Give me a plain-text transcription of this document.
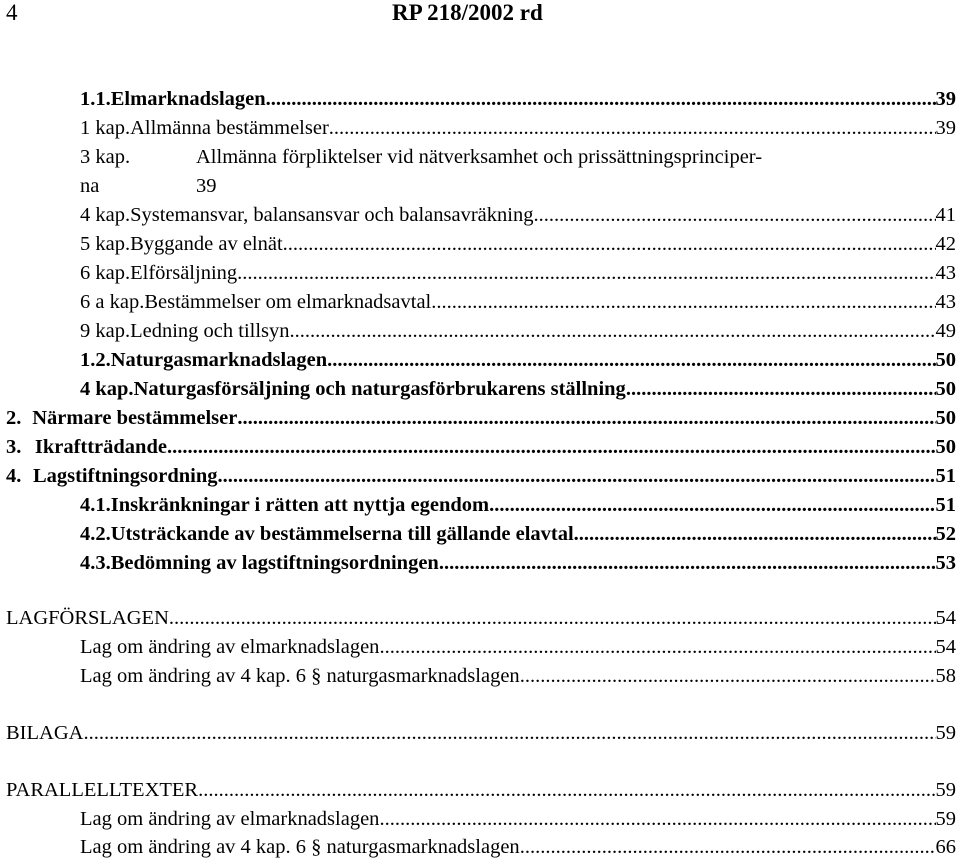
4	RP 218/2002 rd
1.1. Elmarknadslagen .....	39
1 kap. Allmänna bestämmelser .....	39
3 kap.	Allmänna förpliktelser vid nätverksamhet och prissättningsprinciper-
na	39
4 kap. Systemansvar, balansansvar och balansavräkning .....	41
5 kap. Byggande av elnät .....	42
6 kap. Elförsäljning .....	43
6 a kap. Bestämmelser om elmarknadsavtal .....	43
9 kap. Ledning och tillsyn .....	49
1.2. Naturgasmarknadslagen .....	50
4 kap. Naturgasförsäljning och naturgasförbrukarens ställning .....	50
2. Närmare bestämmelser .....	50
3. Ikraftträdande .....	50
4. Lagstiftningsordning .....	51
4.1. Inskränkningar i rätten att nyttja egendom .....	51
4.2. Utsträckande av bestämmelserna till gällande elavtal .....	52
4.3. Bedömning av lagstiftningsordningen .....	53
LAGFÖRSLAGEN .....	54
Lag om ändring av elmarknadslagen .....	54
Lag om ändring av 4 kap. 6 § naturgasmarknadslagen .....	58
BILAGA .....	59
PARALLELLTEXTER .....	59
Lag om ändring av elmarknadslagen .....	59
Lag om ändring av 4 kap. 6 § naturgasmarknadslagen .....	66
